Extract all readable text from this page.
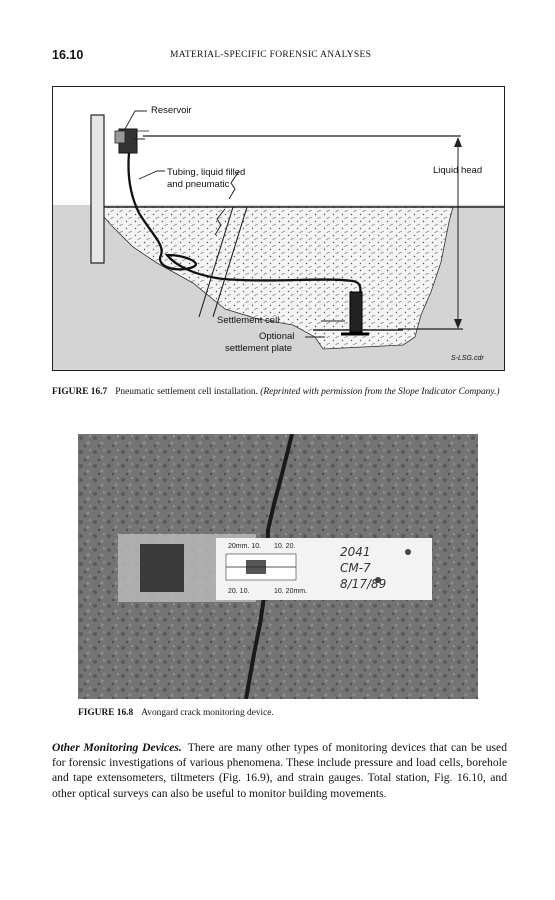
16.10	MATERIAL-SPECIFIC FORENSIC ANALYSES
Reservoir
Tubing, liquid filled
and pneumatic
Liquid head
Settlement cell
Optional
settlement plate
S-LSG.cdr
FIGURE 16.7 Pneumatic settlement cell installation. (Reprinted with permission from the Slope Indicator Company.)
20mm. 10. 10. 20.
20. 10.	10. 20mm.
2041
CM-7
8/17/89
FIGURE 16.8 Avongard crack monitoring device.
Other Monitoring Devices. There are many other types of monitoring devices that can be used for forensic investigations of various phenomena. These include pressure and load cells, borehole and tape extensometers, tiltmeters (Fig. 16.9), and strain gauges. Total station, Fig. 16.10, and other optical surveys can also be useful to monitor building movements.
